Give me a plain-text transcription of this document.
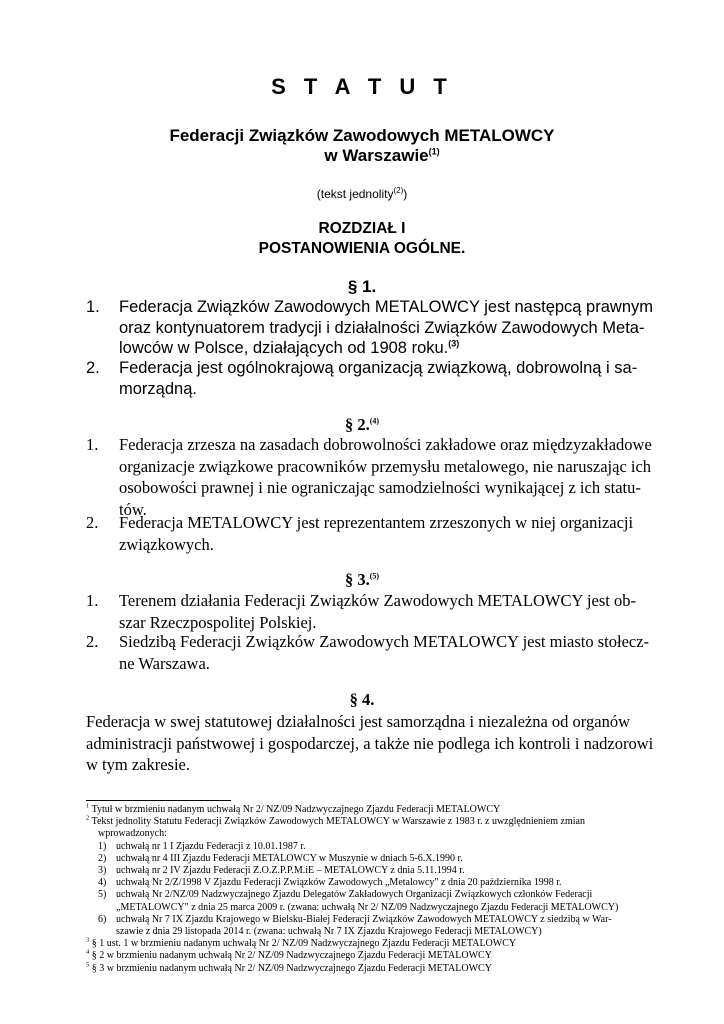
S T A T U T
Federacji Związków Zawodowych METALOWCY
w Warszawie$^{(1)}$
(tekst jednolity$^{(2)}$)
ROZDZIAŁ I
POSTANOWIENIA OGÓLNE.
§ 1.
1.	Federacja Związków Zawodowych METALOWCY jest następcą prawnym
oraz kontynuatorem tradycji i działalności Związków Zawodowych Meta-
lowców w Polsce, działających od 1908 roku.$^{(3)}$
2.	Federacja jest ogólnokrajową organizacją związkową, dobrowolną i sa-
morządną.
§ 2.$^{(4)}$
1.	Federacja zrzesza na zasadach dobrowolności zakładowe oraz międzyzakładowe
organizacje związkowe pracowników przemysłu metalowego, nie naruszając ich
osobowości prawnej i nie ograniczając samodzielności wynikającej z ich statu-
tów.
2.	Federacja METALOWCY jest reprezentantem zrzeszonych w niej organizacji
związkowych.
§ 3.$^{(5)}$
1.	Terenem działania Federacji Związków Zawodowych METALOWCY jest ob-
szar Rzeczpospolitej Polskiej.
2.	Siedzibą Federacji Związków Zawodowych METALOWCY jest miasto stołecz-
ne Warszawa.
§ 4.
Federacja w swej statutowej działalności jest samorządna i niezależna od organów
administracji państwowej i gospodarczej, a także nie podlega ich kontroli i nadzorowi
w tym zakresie.
$^1$ Tytuł w brzmieniu nadanym uchwałą Nr 2/ NZ/09 Nadzwyczajnego Zjazdu Federacji METALOWCY
$^2$ Tekst jednolity Statutu Federacji Związków Zawodowych METALOWCY w Warszawie z 1983 r. z uwzględnieniem zmian
wprowadzonych:
1) uchwałą nr 1 I Zjazdu Federacji z 10.01.1987 r.
2) uchwałą nr 4 III Zjazdu Federacji METALOWCY w Muszynie w dniach 5-6.X.1990 r.
3) uchwałą nr 2 IV Zjazdu Federacji Z.O.Z.P.P.M.iE – METALOWCY z dnia 5.11.1994 r.
4) uchwałą Nr 2/Z/1998 V Zjazdu Federacji Związków Zawodowych „Metalowcy" z dnia 20 października 1998 r.
5) uchwałą Nr 2/NZ/09 Nadzwyczajnego Zjazdu Delegatów Zakładowych Organizacji Związkowych członków Federacji
„METALOWCY" z dnia 25 marca 2009 r. (zwana: uchwałą Nr 2/ NZ/09 Nadzwyczajnego Zjazdu Federacji METALOWCY)
6) uchwałą Nr 7 IX Zjazdu Krajowego w Bielsku-Białej Federacji Związków Zawodowych METALOWCY z siedzibą w War-
szawie z dnia 29 listopada 2014 r. (zwana: uchwałą Nr 7 IX Zjazdu Krajowego Federacji METALOWCY)
$^3$ § 1 ust. 1 w brzmieniu nadanym uchwałą Nr 2/ NZ/09 Nadzwyczajnego Zjazdu Federacji METALOWCY
$^4$ § 2 w brzmieniu nadanym uchwałą Nr 2/ NZ/09 Nadzwyczajnego Zjazdu Federacji METALOWCY
$^5$ § 3 w brzmieniu nadanym uchwałą Nr 2/ NZ/09 Nadzwyczajnego Zjazdu Federacji METALOWCY
